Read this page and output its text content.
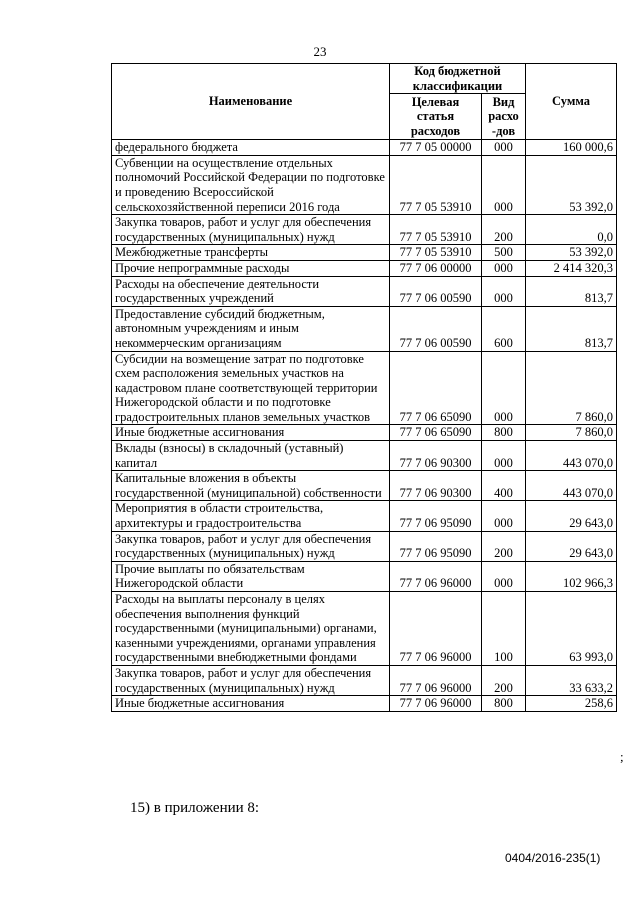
23
Наименование	Код бюджетной классификации		Сумма
	Целевая статья расходов	Вид расхо -дов	
федерального бюджета	77 7 05 00000	000	160 000,6
Субвенции на осуществление отдельных полномочий Российской Федерации по подготовке и проведению Всероссийской сельскохозяйственной переписи 2016 года	77 7 05 53910	000	53 392,0
Закупка товаров, работ и услуг для обеспечения государственных (муниципальных) нужд	77 7 05 53910	200	0,0
Межбюджетные трансферты	77 7 05 53910	500	53 392,0
Прочие непрограммные расходы	77 7 06 00000	000	2 414 320,3
Расходы на обеспечение деятельности государственных учреждений	77 7 06 00590	000	813,7
Предоставление субсидий бюджетным, автономным учреждениям и иным некоммерческим организациям	77 7 06 00590	600	813,7
Субсидии на возмещение затрат по подготовке схем расположения земельных участков на кадастровом плане соответствующей территории Нижегородской области и по подготовке градостроительных планов земельных участков	77 7 06 65090	000	7 860,0
Иные бюджетные ассигнования	77 7 06 65090	800	7 860,0
Вклады (взносы) в складочный (уставный) капитал	77 7 06 90300	000	443 070,0
Капитальные вложения в объекты государственной (муниципальной) собственности	77 7 06 90300	400	443 070,0
Мероприятия в области строительства, архитектуры и градостроительства	77 7 06 95090	000	29 643,0
Закупка товаров, работ и услуг для обеспечения государственных (муниципальных) нужд	77 7 06 95090	200	29 643,0
Прочие выплаты по обязательствам Нижегородской области	77 7 06 96000	000	102 966,3
Расходы на выплаты персоналу в целях обеспечения выполнения функций государственными (муниципальными) органами, казенными учреждениями, органами управления государственными внебюджетными фондами	77 7 06 96000	100	63 993,0
Закупка товаров, работ и услуг для обеспечения государственных (муниципальных) нужд	77 7 06 96000	200	33 633,2
Иные бюджетные ассигнования	77 7 06 96000	800	258,6
;
15) в приложении 8:
0404/2016-235(1)
